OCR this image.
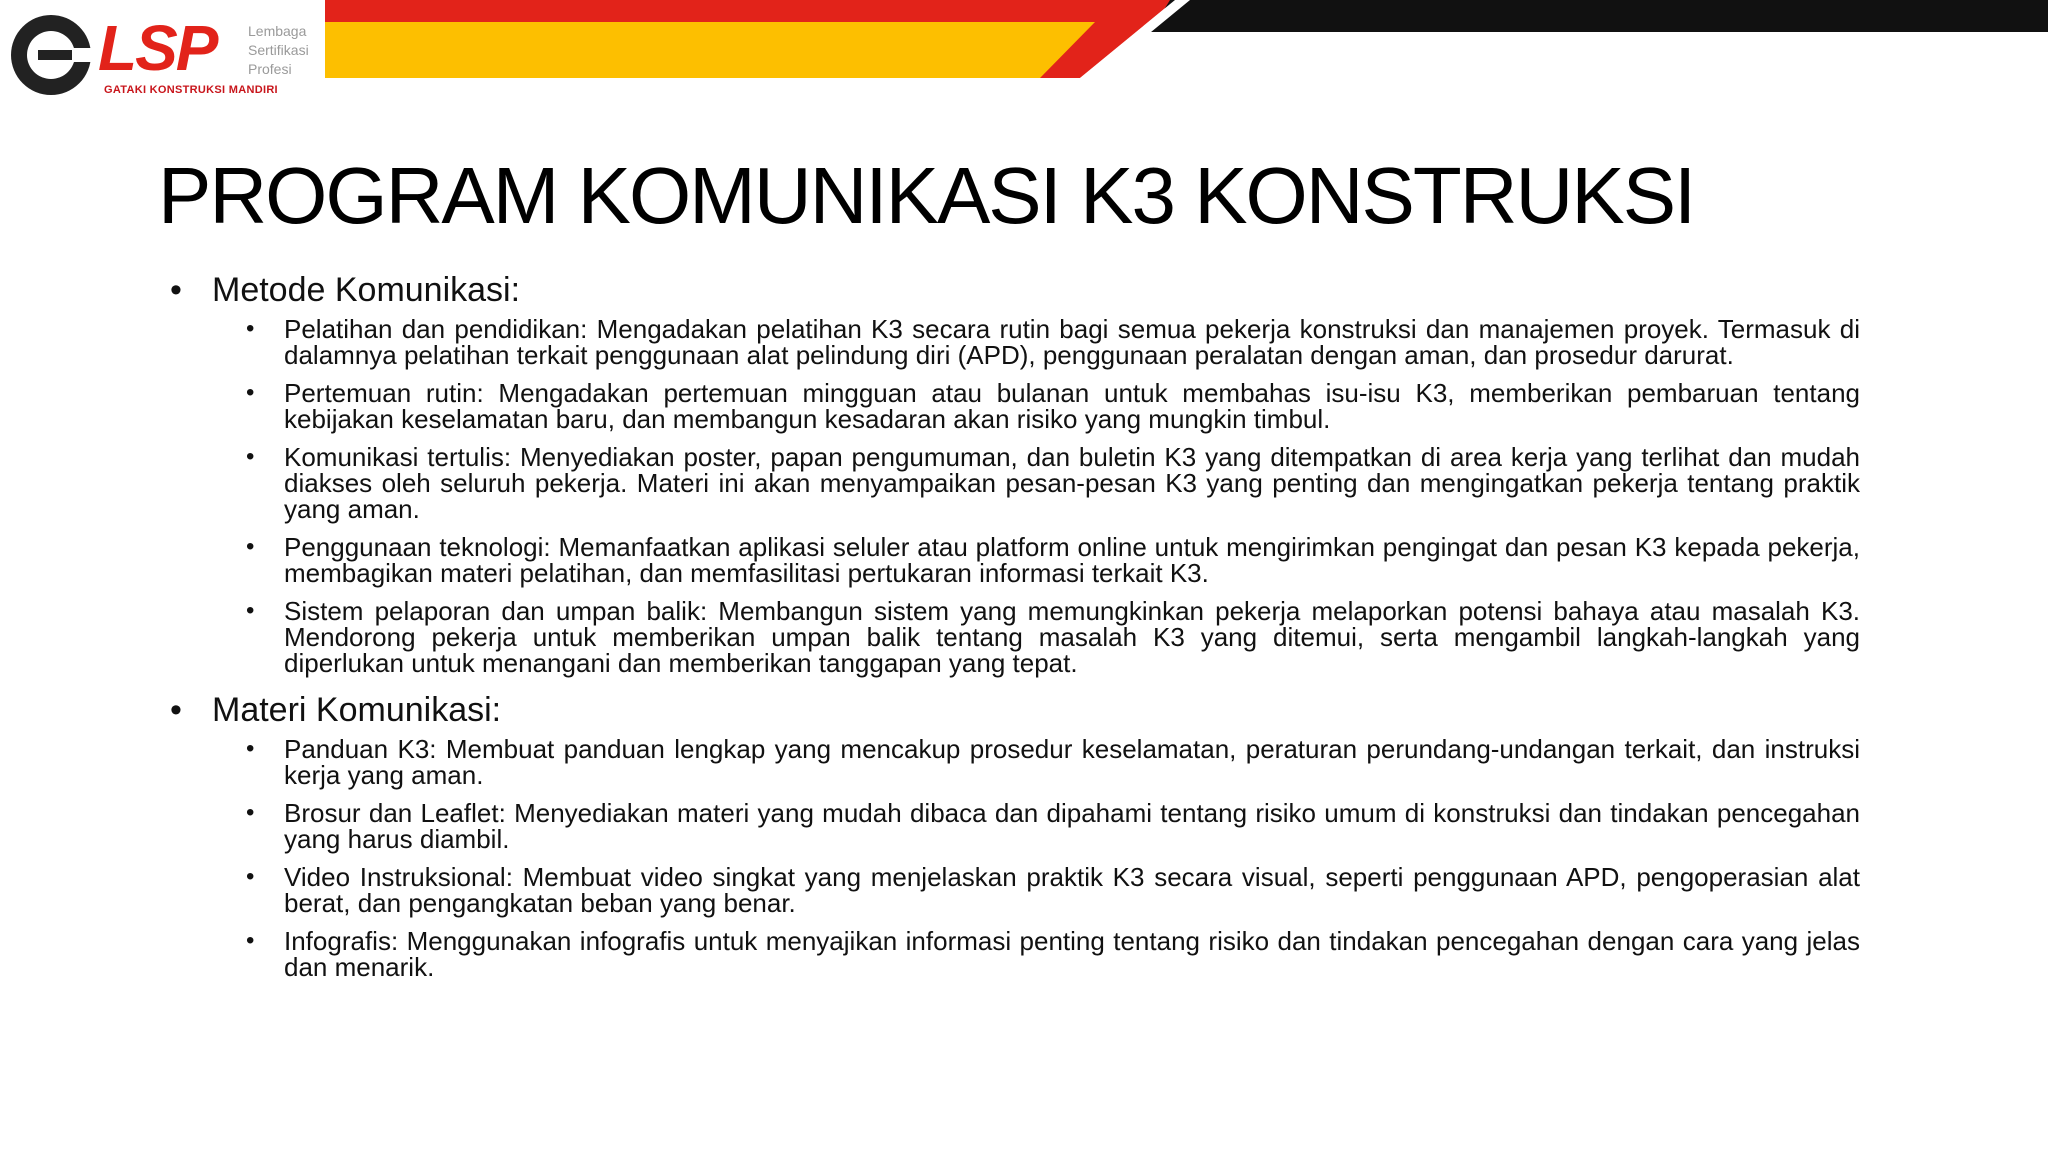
LSP Lembaga
Sertifikasi
Profesi
GATAKI KONSTRUKSI MANDIRI
PROGRAM KOMUNIKASI K3 KONSTRUKSI
• Metode Komunikasi:
•	Pelatihan dan pendidikan: Mengadakan pelatihan K3 secara rutin bagi semua pekerja konstruksi dan manajemen proyek. Termasuk di dalamnya pelatihan terkait penggunaan alat pelindung diri (APD), penggunaan peralatan dengan aman, dan prosedur darurat.
•	Pertemuan rutin: Mengadakan pertemuan mingguan atau bulanan untuk membahas isu-isu K3, memberikan pembaruan tentang kebijakan keselamatan baru, dan membangun kesadaran akan risiko yang mungkin timbul.
•	Komunikasi tertulis: Menyediakan poster, papan pengumuman, dan buletin K3 yang ditempatkan di area kerja yang terlihat dan mudah diakses oleh seluruh pekerja. Materi ini akan menyampaikan pesan-pesan K3 yang penting dan mengingatkan pekerja tentang praktik yang aman.
•	Penggunaan teknologi: Memanfaatkan aplikasi seluler atau platform online untuk mengirimkan pengingat dan pesan K3 kepada pekerja, membagikan materi pelatihan, dan memfasilitasi pertukaran informasi terkait K3.
•	Sistem pelaporan dan umpan balik: Membangun sistem yang memungkinkan pekerja melaporkan potensi bahaya atau masalah K3. Mendorong pekerja untuk memberikan umpan balik tentang masalah K3 yang ditemui, serta mengambil langkah-langkah yang diperlukan untuk menangani dan memberikan tanggapan yang tepat.
• Materi Komunikasi:
•	Panduan K3: Membuat panduan lengkap yang mencakup prosedur keselamatan, peraturan perundang-undangan terkait, dan instruksi kerja yang aman.
•	Brosur dan Leaflet: Menyediakan materi yang mudah dibaca dan dipahami tentang risiko umum di konstruksi dan tindakan pencegahan yang harus diambil.
•	Video Instruksional: Membuat video singkat yang menjelaskan praktik K3 secara visual, seperti penggunaan APD, pengoperasian alat berat, dan pengangkatan beban yang benar.
•	Infografis: Menggunakan infografis untuk menyajikan informasi penting tentang risiko dan tindakan pencegahan dengan cara yang jelas dan menarik.
